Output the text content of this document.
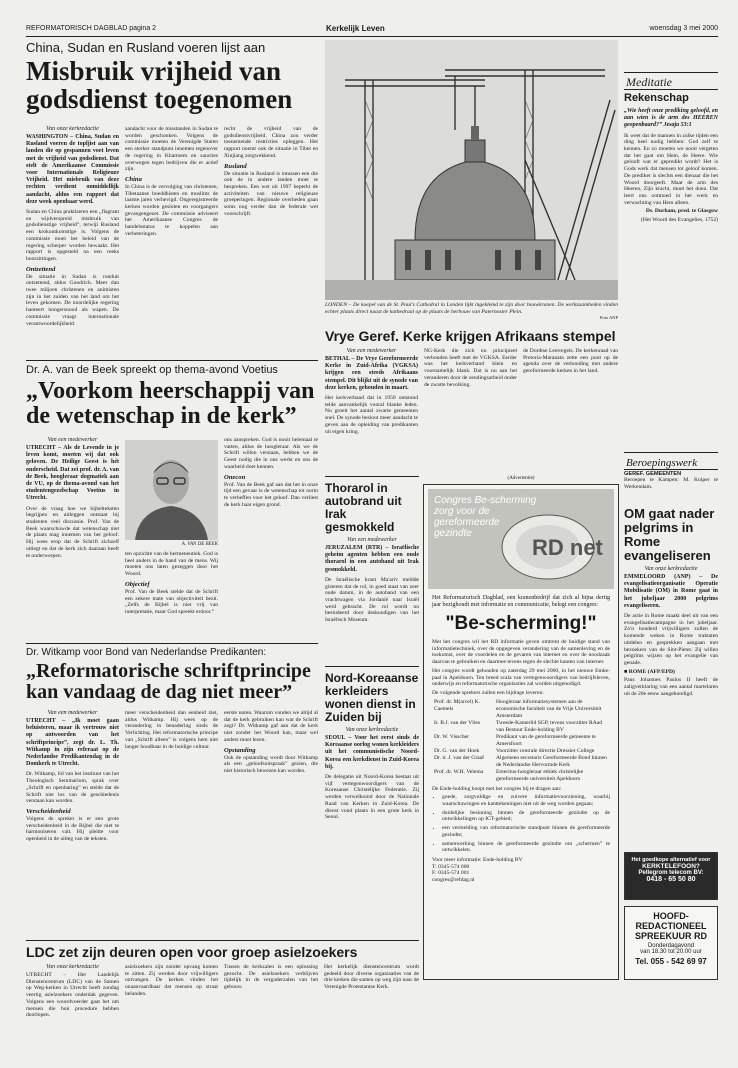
REFORMATORISCH DAGBLAD pagina 2	Kerkelijk Leven	woensdag 3 mei 2000
China, Sudan en Rusland voeren lijst aan
Misbruik vrijheid van godsdienst toegenomen

Van onze kerkredactie

WASHINGTON – China, Sudan en Rusland voeren de topljist aan van landen die op gespannen voet leven met de vrijheid van godsdienst. Dat stelt de Amerikaanse Commissie voor Internationale Religieuze Vrijheid. Het misbruik van deze rechten verdient onmiddellijk aandacht, aldus een rapport dat deze week openbaar werd.

Sudan en China praktiseren een „flagrant en wijdverspreid misbruik van godsdienstige vrijheid”, terwijl Rusland een krokontkomstige is. Volgens de commissie moet het beleid van de regering scherper worden bewaakt. Het rapport is opgesteld na een reeks hoorzittingen.

Ontzettend

De situatie in Sudan is ronduit ontzettend, aldus Goodrich. Meer dan twee miljoen christenen en animisten zijn in het zuiden van het land om het leven gekomen. De noordelijke regering hanteert hongersnood als wapen. De commissie vraagt internationale verantwoordelijkheid.

aandacht voor de misstanden in Sudan te worden geschonken. Volgens de commissie moeten de Verenigde Staten een sterker standpunt innemen tegenover de regering in Khartoem en sancties overwegen tegen bedrijven die er actief zijn.

China

In China is de vervolging van christenen, Tibetaanse boeddhisten en moslims de laatste jaren verhevigd. Ongeregistreerde kerken worden gesloten en voorgangers gevangengezet. De commissie adviseert het Amerikaanse Congres de handelsstatus te koppelen aan verbeteringen.

recht de vrijheid van de godsdienstvrijheid. China zou verder toenemende restricties opleggen. Het rapport noemt ook de situatie in Tibet en Xinjiang zorgwekkend.

Rusland

De situatie in Rusland is intussen een die ook de in andere landen moet te bespreken. Een wet uit 1997 beperkt de activiteiten van nieuwe religieuze groeperingen. Regionale overheden gaan soms nog verder dan de federale wet voorschrijft.

LONDEN – De koepel van de St. Paul's Cathedral in Londen lijkt ingeklemd te zijn door bouwkranen. De werkzaamheden vinden echter plaats direct naast de kathedraal op de plaats de herbouw van Paternoster Plein.

Foto ANP
Vrye Geref. Kerke krijgen Afrikaans stempel

Van een medewerker

BETHAL – De Vrye Gereformeerde Kerke in Zuid-Afrika (VGKSA) krijgen een steeds Afrikaans stempel. Dit blijkt uit de synode van deze kerken, gehouden in maart.

Het kerkverband dat in 1950 ontstond telde aanvankelijk vooral blanke leden. Nu groeit het aantal zwarte gemeenten snel. De synode besloot meer aandacht te geven aan de opleiding van predikanten uit eigen kring.

NG-Kerk die zich nu principieel verbonden heeft met de VGKSA. Eerder was het kerkverband klein en voornamelijk blank. Dat is nu aan het veranderen door de zendingsarbeid onder de zwarte bevolking.

de Dordtse Leerregels. De kerkenraad van Pretoria-Maranata zette een punt op de agenda over de verhouding met andere gereformeerde kerken in het land.

Meditatie
Rekenschap

„Wie heeft onze prediking geloofd, en aan wien is de arm des HEEREN geopenbaard?” Jesaja 53:1

Ik weet dat de mannen in zulke tijden een ding heel nodig hebben: God zelf te kennen. En zo moeten we nooit vergeten dat het gaat om Hem, de Heere. Wie gelooft wat er gepredikt wordt? Het is Gods werk dat mensen tot geloof komen. De prediker is slechts een dienaar die het Woord doorgeeft. Maar de arm des Heeren, Zijn kracht, moet het doen. Dat leert ons ootmoed in het werk en verwachting van Hem alleen.

Ds. Durham, pred. te Glasgow

(Het Woord des Evangelies, 1752)

Beroepingswerk
GEREF. GEMEENTEN

Beroepen te Kampen: M. Kuiper te Werkendam.

OM gaat nader pelgrims in Rome evangeliseren

Van onze kerkredactie

EMMELOORD (ANP) – De evangelisatieorganisatie Operatie Mobilisatie (OM) in Rome gaat in het jubeljaar 2000 pelgrims evangeliseren.

De actie in Rome maakt deel uit van een evangelisatiecampagne in het jubeljaar. Zo'n honderd vrijwilligers zullen de komende weken in Rome traktaten uitdelen en gesprekken aangaan met bezoekers van de Sint-Pieter. Zij willen pelgrims wijzen op het evangelie van genade.

■ ROME (AFP/EPD)

Paus Johannes Paulus II heeft de zaligverklaring van een aantal martelaren uit de 20e eeuw aangekondigd.

Het goedkope alternatief voor
KERKTELEFOON?
Pellegrom telecom BV:
0418 - 65 50 80
HOOFD-
REDACTIONEEL
SPREEKUUR RD
Donderdagavond
van 18.30 tot 20.00 uur
Tel. 055 - 542 69 97
Dr. A. van de Beek spreekt op thema-avond Voetius
„Voorkom heerschappij van de wetenschap in de kerk”

Van een medewerker

UTRECHT – Als de Levende in je leven komt, moeten wij dat ook geloven. De Heilige Geest is hét onderscheid. Dat zei prof. dr. A. van de Beek, hoogleraar dogmatiek aan de VU, op de thema-avond van het studentengezelschap Voetius in Utrecht.

Over de vraag hoe we bijbelteksten begrijpen en uitleggen ontstaat bij studenten veel discussie. Prof. Van de Beek waarschuwde dat wetenschap niet de plaats mag innemen van het geloof. Hij wees erop dat de Schrift zichzelf uitlegt en dat de kerk zich daaraan heeft te onderwerpen.

A. VAN DE BEEK

ten opzichte van de hermeneutiek. God is heel anders in de hand van de mens. Wij moeten ons laten gezeggen door het Woord.

Objectief

Prof. Van de Beek stelde dat de Schrift een zekere mate van objectiviteit bezit. „Zelfs de Bijbel is niet vrij van interpretatie, maar God spreekt erdoor.”

ons aanspreken. God is nooit helemaal te vatten, aldus de hoogleraar. Als we de Schrift willen verstaan, hebben we de Geest nodig die in ons werkt en ons de waarheid doet kennen.

Onecon

Prof. Van de Beek gaf aan dat het in onze tijd een gevaar is de wetenschap tot norm te verheffen voor het geloof. Dan verliest de kerk haar eigen grond.

Thorarol in autobrand uit Irak gesmokkeld

Van een medewerker

JERUZALEM (RTR) – Israëlische geheim agenten hebben een oude thorarol in een autoband uit Irak gesmokkeld.

De Israëlische krant Ma'ariv meldde gisteren dat de rol, in goed staat van zeer oude datum, in de autoband van een vrachtwagen via Jordanië naar Israël werd gebracht. De rol wordt nu bestudeerd door deskundigen van het Israëlisch Museum.

Nord-Koreaanse kerkleiders wonen dienst in Zuiden bij

Van onze kerkredactie

SEOUL – Voor het eerst sinds de Koreaanse oorlog wonen kerkleiders uit het communistische Noord-Korea een kerkdienst in Zuid-Korea bij.

De delegatie uit Noord-Korea bestaat uit vijf vertegenwoordigers van de Koreaanse Christelijke Federatie. Zij werden verwelkomd door de Nationale Raad van Kerken in Zuid-Korea. De dienst vond plaats in een grote kerk in Seoul.

(Advertentie)
RD net
Congres Be-scherming
zorg voor de
gereformeerde
gezindte

Het Reformatorisch Dagblad, een kranenbedrijf dat zich al bijna dertig jaar bezighoudt met informatie en communicatie, belegt een congres:

"Be-scherming!"

Met het congres wil het RD informatie geven omtrent de huidige stand van informatietechniek, over de opgegeven verandering van de samenleving en de toekomst, over de voordelen en de gevaren van internet en over de noodzaak daarvan te gebruiken en daarmee tevens tegen de slechte kanten van internet.

Het congres wordt gehouden op zaterdag 29 mei 2000, in het nieuwe Emke-paal in Apeldoorn. Ten breed scala van vertegenwoordigers van bedrijfsleven, onderwijs en reformatorische organisaties zal worden uitgenodigd.

De volgende sprekers zullen een bijdrage leveren:

Prof. dr. M(arcel) K. Caemels	Hoogleraar informatiesystemen aan de economische faculteit van de Vrije Universiteit Amsterdam
Ir. B.J. van der Vlies	Tweede-Kamerlid SGP, tevens voorzitter RAad van Bestuur Ende-holding BV
Dr. W. Visscher	Predikant van de gereformeerde gemeente te Amersfoort
Dr. G. van der Hoek	Voorzitter centrale directie Dressier College
Dr. ir. J. van der Graaf	Algemeen secretaris Gereformeerde Bond binnen de Nederlandse Hervormde Kerk
Prof. dr. W.H. Velema	Emeritus-hoogleraar ethiek christelijke gereformeerde universiteit Apeldoorn

De Ende-holding hoopt met het congres bij te dragen aan:

• goede, zorgvuldige en zuivere informatievoorziening, waarbij waarschuwingen en kanttekeningen niet uit de weg worden gegaan;
• duidelijke besinning binnen de gereformeerde gezindte op de ontwikkelingen op ICT-gebied;
• een vermelding van reformatorische standpunt binnen de gereformeerde gezindte;
• samenwerking binnen de gereformeerde gezindte om „schermen” te ontwikkelen.

Voor meer informatie: Ende-holding BV
T: 0345-574 000
F: 0345-574 001
congres@refdag.nl

Dr. Witkamp voor Bond van Nederlandse Predikanten:
„Reformatorische schriftprincipe kan vandaag de dag niet meer”

Van een medewerker

UTRECHT – „Ik moet gaan beluisteren, maar ik vertrouw niet op antwoorden van het schriftprincipe”, zegt dr. L. Th. Witkamp in zijn referaat op de Nederlandse Predikantendag in de Domkerk te Utrecht.

Dr. Witkamp, lid van het instituut van het Theologisch Seminarium, sprak over „Schrift en openbaring” en stelde dat de Schrift niet los van de geschiedenis verstaan kan worden.

Verscheidenheid

Volgens de spreker is er een grote verscheidenheid in de Bijbel die niet te harmoniseren valt. Hij pleitte voor openheid in de uitleg van de teksten.

meer verscheidenheid dan eenheid ziet, aldus Witkamp. Hij wees op de verandering in benadering sinds de Verlichting. Het reformatorische principe van „Schrift alleen” is volgens hem niet langer houdbaar in de huidige cultuur.

eerste noten. Waarom vonden we altijd al dat de kerk gebruiken kan wat de Schrift zegt? Dr. Witkamp gaf aan dat de kerk niet zonder het Woord kan, maar wel anders moet lezen.

Opstanding

Ook de opstanding wordt door Witkamp als een „geloofsuitspraak” gezien, die niet historisch bewezen kan worden.

LDC zet zijn deuren open voor groep asielzoekers

Van onze kerkredactie

UTRECHT – Het Landelijk Dienstencentrum (LDC) van de Samen op Weg-kerken in Utrecht heeft zondag veertig asielzoekers onderdak gegeven. Volgens een woordvoerder gaat het om mensen die hun procedure hebben doorlopen.

asielzoekers zijn zonder opvang komen te zitten. Zij werden door vrijwilligers ontvangen. De kerken vinden het onaanvaardbaar dat mensen op straat belanden.

Tussen de kerkzalen is een oplossing gezocht. De asielzoekers verblijven tijdelijk in de vergaderzalen van het gebouw.

Het kerkelijk dienstencentrum wordt gedeeld door diverse organisaties van de drie kerken die samen op weg zijn naar de Verenigde Protestantse Kerk.
